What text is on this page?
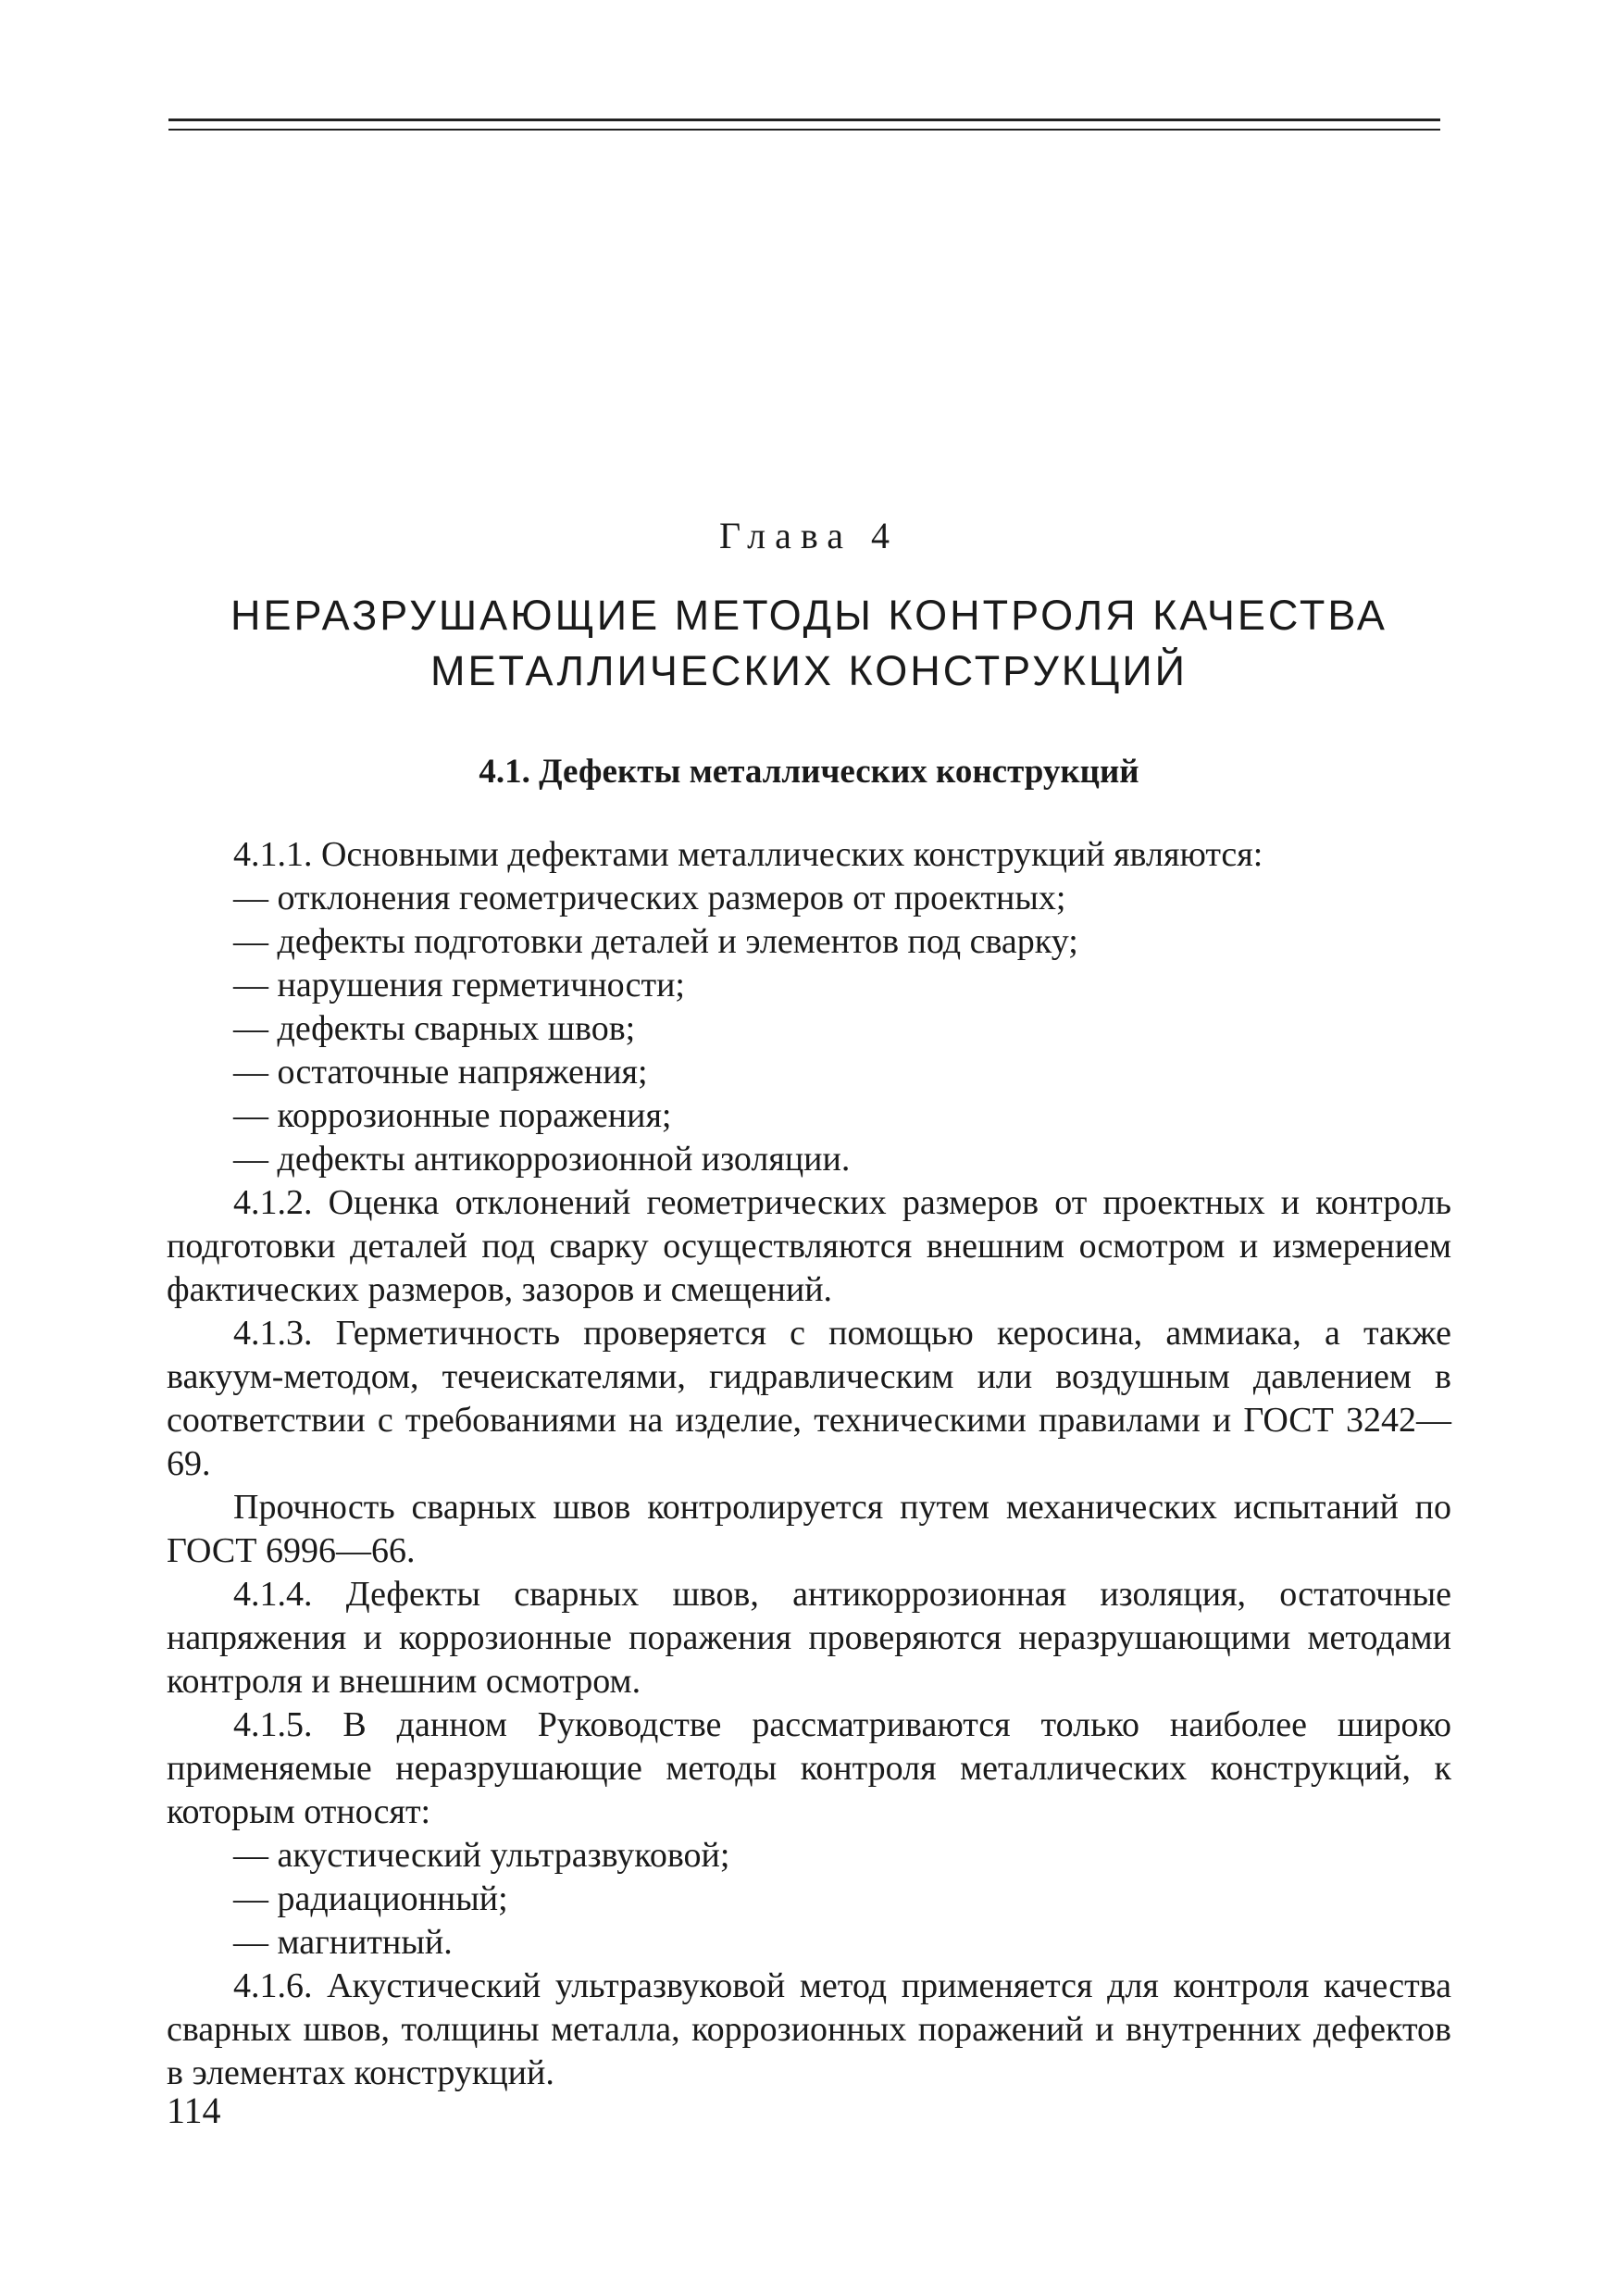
Глава 4
НЕРАЗРУШАЮЩИЕ МЕТОДЫ КОНТРОЛЯ КАЧЕСТВА
МЕТАЛЛИЧЕСКИХ КОНСТРУКЦИЙ
4.1. Дефекты металлических конструкций

4.1.1. Основными дефектами металлических конструкций являются:

— отклонения геометрических размеров от проектных;

— дефекты подготовки деталей и элементов под сварку;

— нарушения герметичности;

— дефекты сварных швов;

— остаточные напряжения;

— коррозионные поражения;

— дефекты антикоррозионной изоляции.

4.1.2. Оценка отклонений геометрических размеров от проектных и контроль подготовки деталей под сварку осуществляются внешним осмотром и измерением фактических размеров, зазоров и смещений.

4.1.3. Герметичность проверяется с помощью керосина, аммиака, а также вакуум-методом, течеискателями, гидравлическим или воздушным давлением в соответствии с требованиями на изделие, техническими правилами и ГОСТ 3242—69.

Прочность сварных швов контролируется путем механических испытаний по ГОСТ 6996—66.

4.1.4. Дефекты сварных швов, антикоррозионная изоляция, остаточные напряжения и коррозионные поражения проверяются неразрушающими методами контроля и внешним осмотром.

4.1.5. В данном Руководстве рассматриваются только наиболее широко применяемые неразрушающие методы контроля металлических конструкций, к которым относят:

— акустический ультразвуковой;

— радиационный;

— магнитный.

4.1.6. Акустический ультразвуковой метод применяется для контроля качества сварных швов, толщины металла, коррозионных поражений и внутренних дефектов в элементах конструкций.

114
